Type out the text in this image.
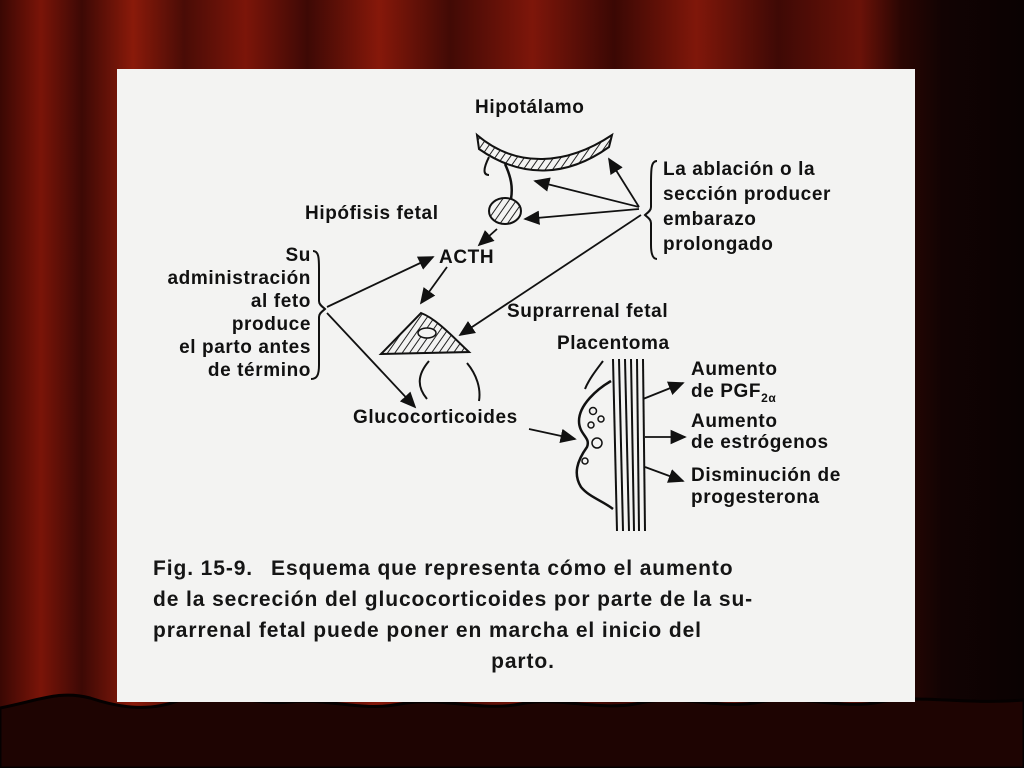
Hipotálamo
Hipófisis fetal
ACTH
Suprarrenal fetal
Placentoma
Glucocorticoides
La ablación o la
sección producer
embarazo
prolongado
Su
administración
al feto
produce
el parto antes
de término	Aumento
de $PGF_{2\alpha}$
Aumento
de estrógenos
Disminución de
progesterona
Fig. 15-9. Esquema que representa cómo el aumento
de la secreción del glucocorticoides por parte de la su-
prarrenal fetal puede poner en marcha el inicio del
parto.
